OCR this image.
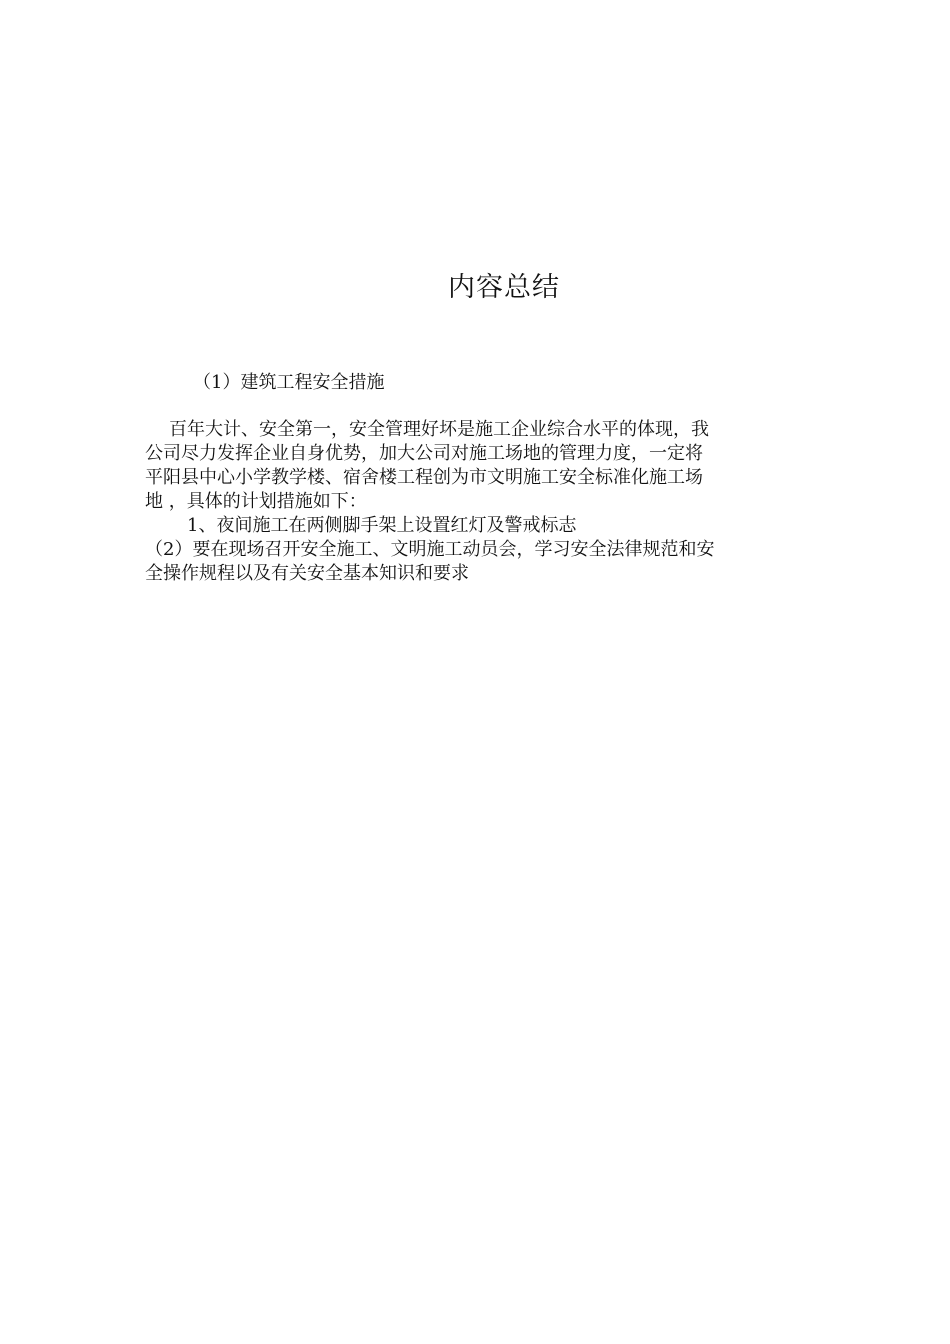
内容总结
（1）建筑工程安全措施
百年大计、安全第一，安全管理好坏是施工企业综合水平的体现，我
公司尽力发挥企业自身优势，加大公司对施工场地的管理力度，一定将
平阳县中心小学教学楼、宿舍楼工程创为市文明施工安全标准化施工场
地 ，具体的计划措施如下：
1、夜间施工在两侧脚手架上设置红灯及警戒标志
（2）要在现场召开安全施工、文明施工动员会，学习安全法律规范和安
全操作规程以及有关安全基本知识和要求
